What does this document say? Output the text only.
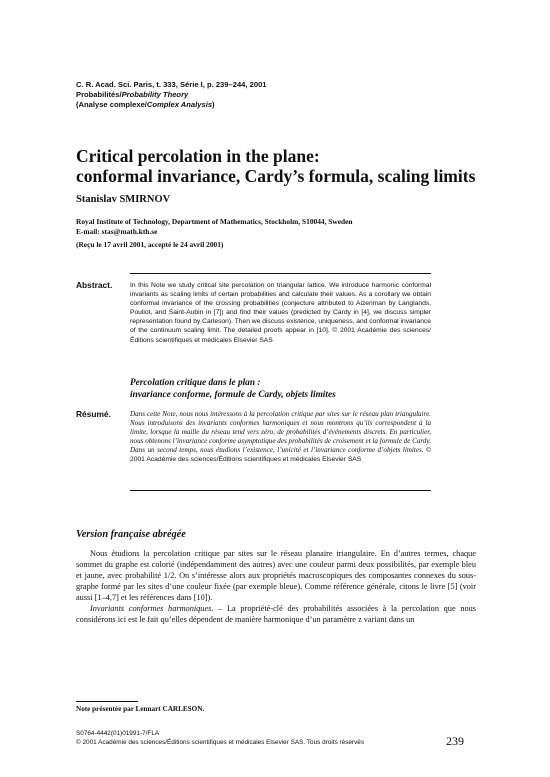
C. R. Acad. Sci. Paris, t. 333, Série I, p. 239–244, 2001
Probabilités/Probability Theory
(Analyse complexe/Complex Analysis)
Critical percolation in the plane:
conformal invariance, Cardy’s formula, scaling limits
Stanislav SMIRNOV
Royal Institute of Technology, Department of Mathematics, Stockholm, S10044, Sweden
E-mail: stas@math.kth.se
(Reçu le 17 avril 2001, accepté le 24 avril 2001)
Abstract.	In this Note we study critical site percolation on triangular lattice. We introduce harmonic conformal invariants as scaling limits of certain probabilities and calculate their values. As a corollary we obtain conformal invariance of the crossing probabilities (conjecture attributed to Aizenman by Langlands, Pouliot, and Saint-Aubin in [7]) and find their values (predicted by Cardy in [4], we discuss simpler representation found by Carleson). Then we discuss existence, uniqueness, and conformal invariance of the continuum scaling limit. The detailed proofs appear in [10]. © 2001 Académie des sciences/Éditions scientifiques et médicales Elsevier SAS
Percolation critique dans le plan :
invariance conforme, formule de Cardy, objets limites
Résumé.	Dans cette Note, nous nous intéressons à la percolation critique par sites sur le réseau plan triangulaire. Nous introduisons des invariants conformes harmoniques et nous montrons qu’ils correspondent à la limite, lorsque la maille du réseau tend vers zéro, de probabilités d’événements discrets. En particulier, nous obtenons l’invariance conforme asymptotique des probabilités de croisement et la formule de Cardy. Dans un second temps, nous étudions l’existence, l’unicité et l’invariance conforme d’objets limites. © 2001 Académie des sciences/Éditions scientifiques et médicales Elsevier SAS
Version française abrégée

Nous étudions la percolation critique par sites sur le réseau planaire triangulaire. En d’autres termes, chaque sommet du graphe est colorié (indépendamment des autres) avec une couleur parmi deux possibilités, par exemple bleu et jaune, avec probabilité 1/2. On s’intéresse alors aux propriétés macroscopiques des composantes connexes du sous-graphe formé par les sites d’une couleur fixée (par exemple bleue). Comme référence générale, citons le livre [5] (voir aussi [1–4,7] et les références dans [10]).

Invariants conformes harmoniques. – La propriété-clé des probabilités associées à la percolation que nous considérons ici est le fait qu’elles dépendent de manière harmonique d’un paramètre z variant dans un

Note présentée par Lennart CARLESON.
S0764-4442(01)01991-7/FLA
© 2001 Académie des sciences/Éditions scientifiques et médicales Elsevier SAS. Tous droits réservés	239
